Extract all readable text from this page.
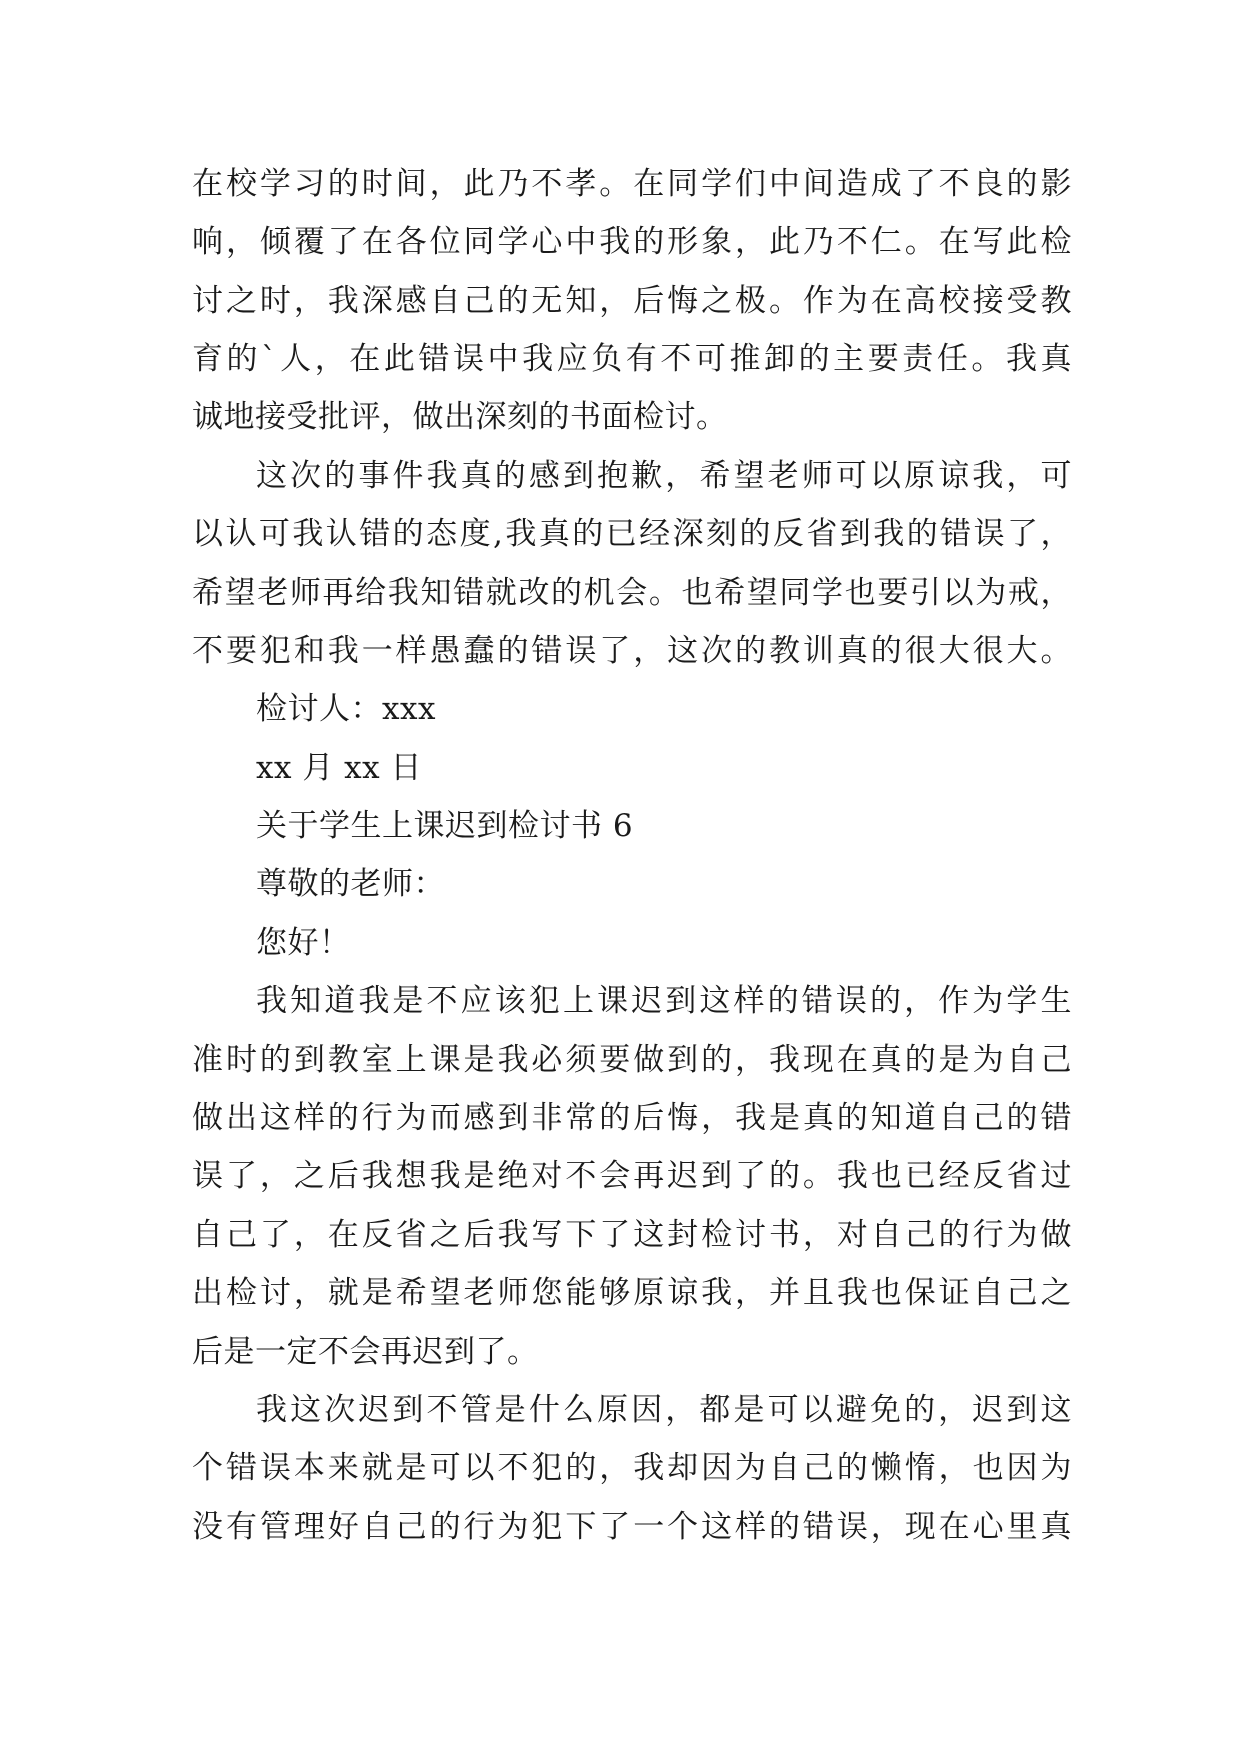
在校学习的时间，此乃不孝。在同学们中间造成了不良的影
响，倾覆了在各位同学心中我的形象，此乃不仁。在写此检
讨之时，我深感自己的无知，后悔之极。作为在高校接受教
育的`人，在此错误中我应负有不可推卸的主要责任。我真
诚地接受批评，做出深刻的书面检讨。
这次的事件我真的感到抱歉，希望老师可以原谅我，可
以认可我认错的态度,我真的已经深刻的反省到我的错误了，
希望老师再给我知错就改的机会。也希望同学也要引以为戒，
不要犯和我一样愚蠢的错误了，这次的教训真的很大很大。
检讨人：xxx
xx 月 xx 日
关于学生上课迟到检讨书 6
尊敬的老师：
您好！
我知道我是不应该犯上课迟到这样的错误的，作为学生
准时的到教室上课是我必须要做到的，我现在真的是为自己
做出这样的行为而感到非常的后悔，我是真的知道自己的错
误了，之后我想我是绝对不会再迟到了的。我也已经反省过
自己了，在反省之后我写下了这封检讨书，对自己的行为做
出检讨，就是希望老师您能够原谅我，并且我也保证自己之
后是一定不会再迟到了。
我这次迟到不管是什么原因，都是可以避免的，迟到这
个错误本来就是可以不犯的，我却因为自己的懒惰，也因为
没有管理好自己的行为犯下了一个这样的错误，现在心里真
